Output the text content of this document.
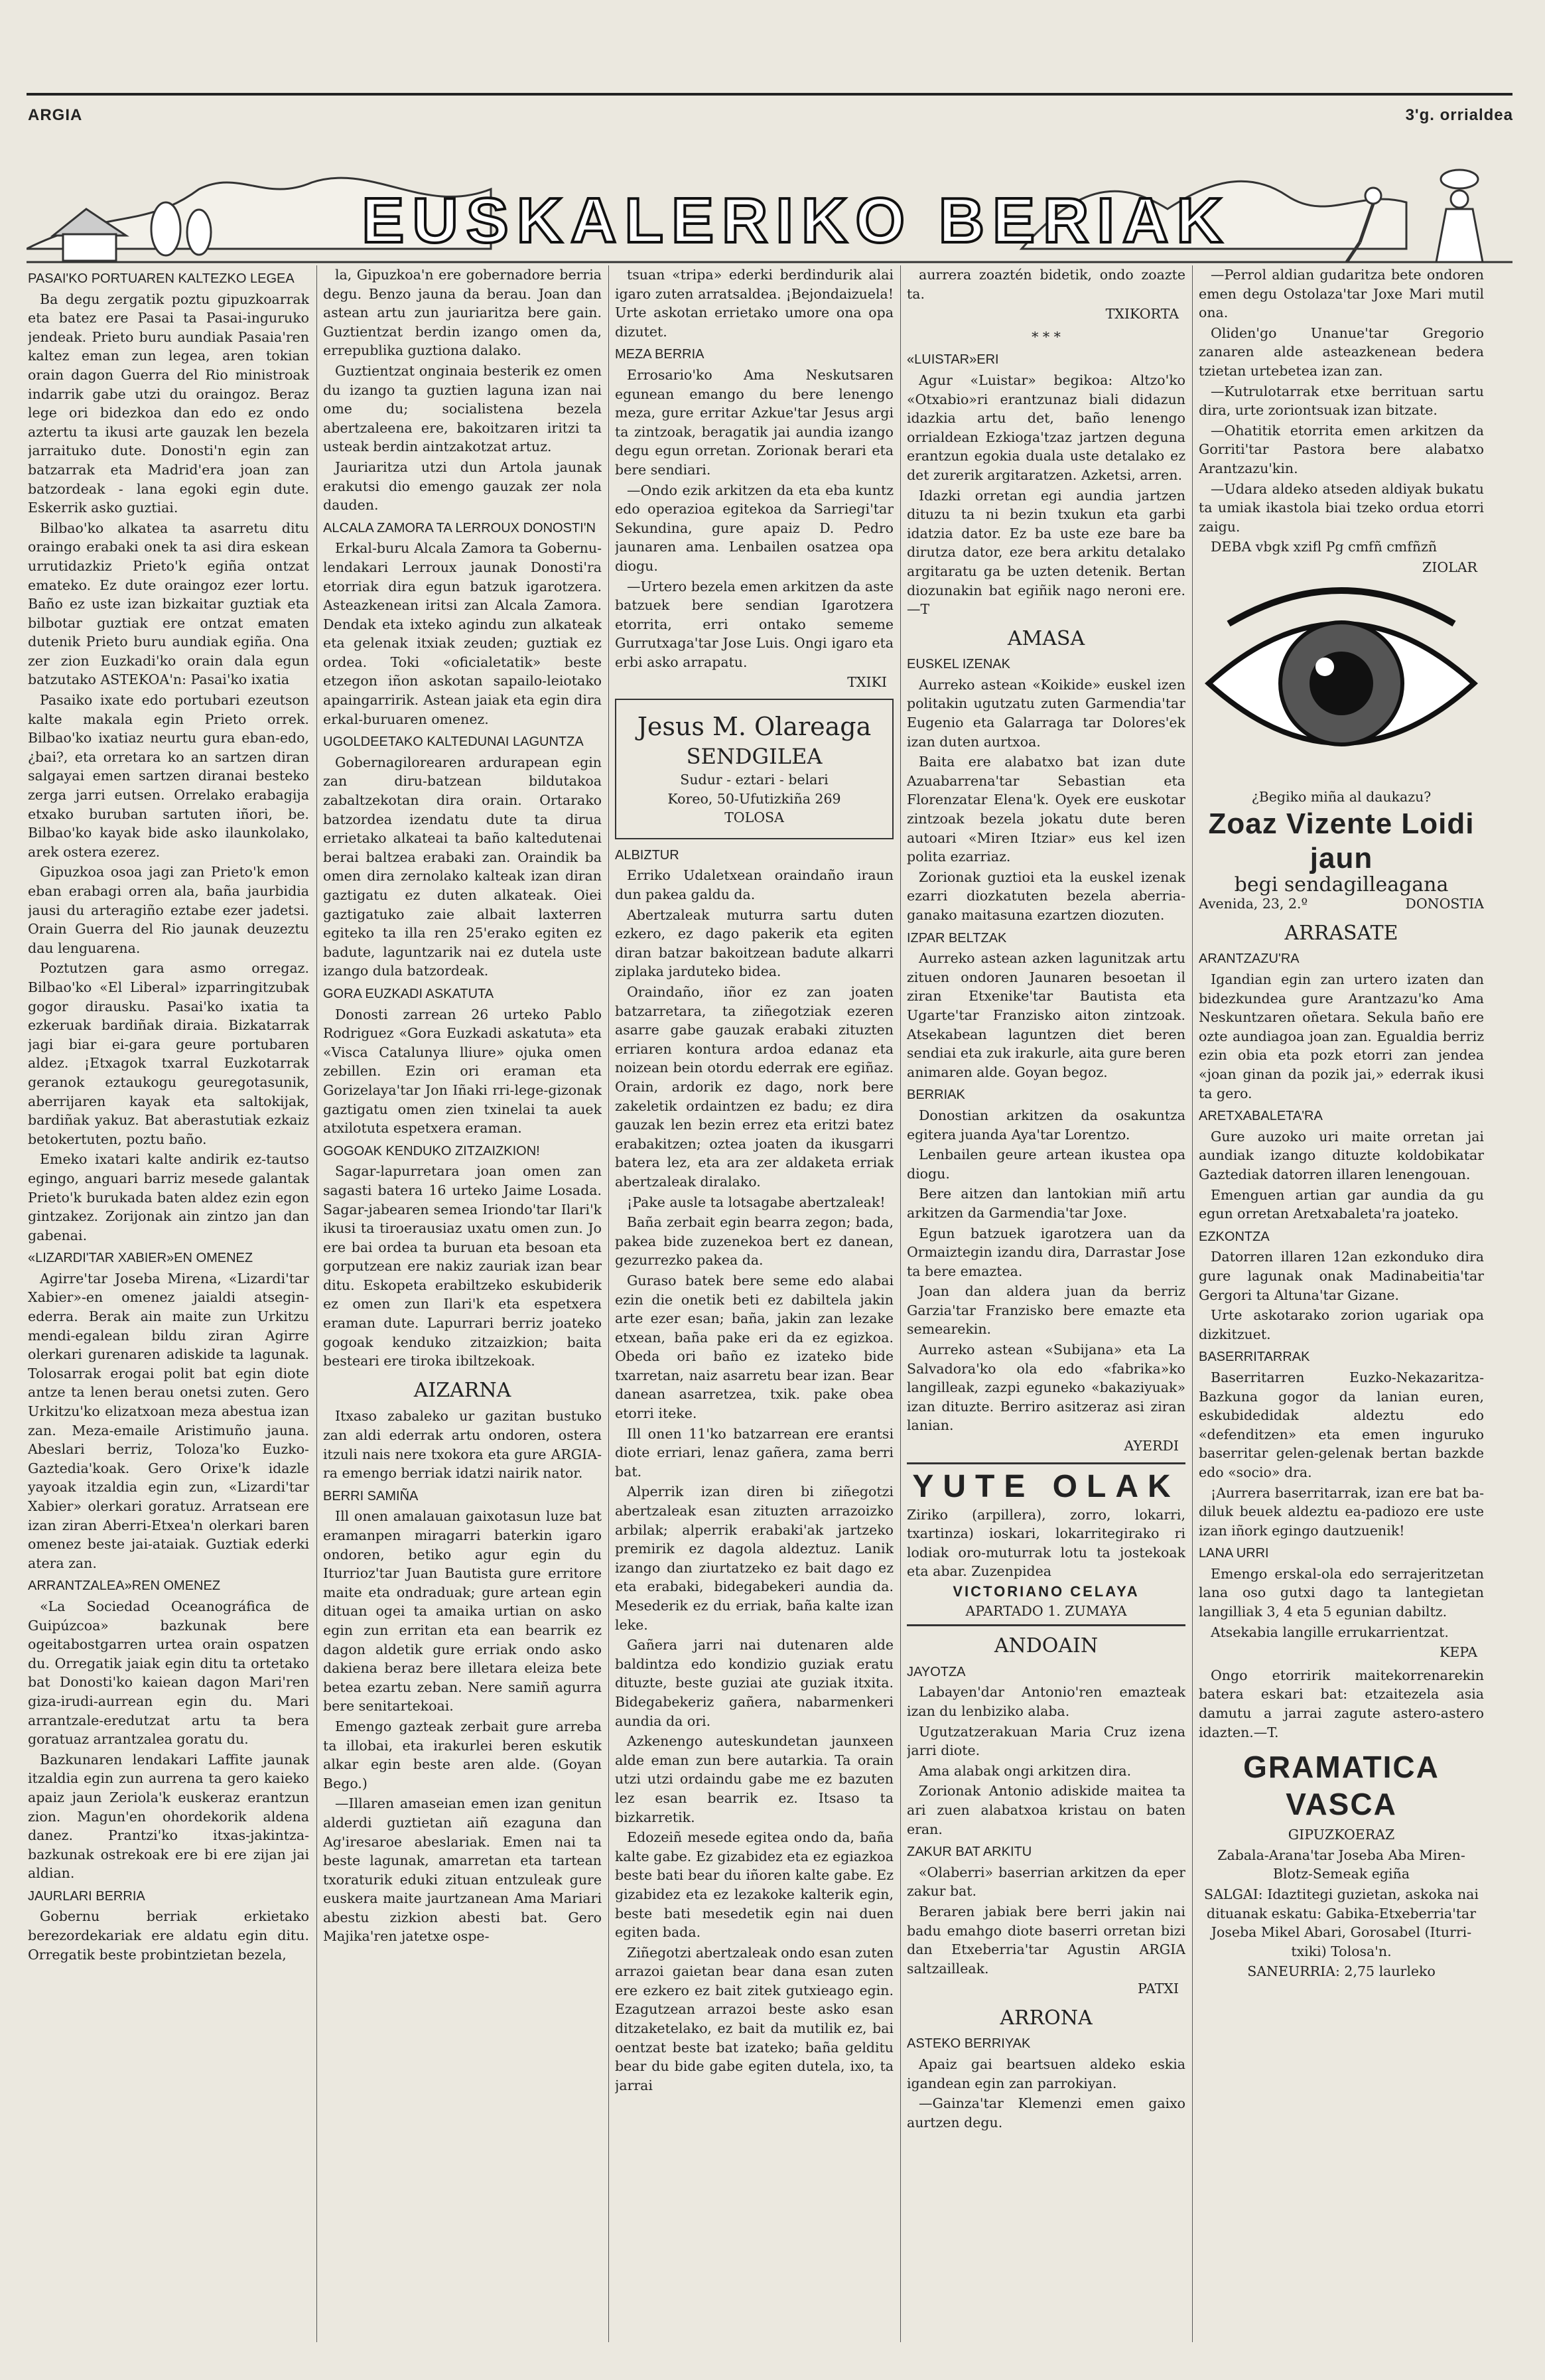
ARGIA	3'g. orrialdea
EUSKALERIKO BERIAK

PASAI'KO PORTUAREN KALTEZKO LEGEA

Ba degu zergatik poztu gipuzkoarrak eta batez ere Pasai ta Pasai-inguruko jendeak. Prieto buru aundiak Pasaia'ren kaltez eman zun legea, aren tokian orain dagon Guerra del Rio ministroak indarrik gabe utzi du oraingoz. Beraz lege ori bidezkoa dan edo ez ondo aztertu ta ikusi arte gauzak len bezela jarraituko dute. Donosti'n egin zan batzarrak eta Madrid'era joan zan batzordeak - lana egoki egin dute. Eskerrik asko guztiai.

Bilbao'ko alkatea ta asarretu ditu oraingo erabaki onek ta asi dira eskean urrutidazkiz Prieto'k egiña ontzat emateko. Ez dute oraingoz ezer lortu. Baño ez uste izan bizkaitar guztiak eta bilbotar guztiak ere ontzat ematen dutenik Prieto buru aundiak egiña. Ona zer zion Euzkadi'ko orain dala egun batzutako ASTEKOA'n: Pasai'ko ixatia

Pasaiko ixate edo portubari ezeutson kalte makala egin Prieto orrek. Bilbao'ko ixatiaz neurtu gura eban-edo, ¿bai?, eta orretara ko an sartzen diran salgayai emen sartzen diranai besteko zerga jarri eutsen. Orrelako erabagija etxako buruban sartuten iñori, be. Bilbao'ko kayak bide asko ilaunkolako, arek ostera ezerez.

Gipuzkoa osoa jagi zan Prieto'k emon eban erabagi orren ala, baña jaurbidia jausi du arteragiño eztabe ezer jadetsi. Orain Guerra del Rio jaunak deuzeztu dau lenguarena.

Poztutzen gara asmo orregaz. Bilbao'ko «El Liberal» izparringitzubak gogor dirausku. Pasai'ko ixatia ta ezkeruak bardiñak diraia. Bizkatarrak jagi biar ei-gara geure portubaren aldez. ¡Etxagok txarral Euzkotarrak geranok eztaukogu geuregotasunik, aberrijaren kayak eta saltokijak, bardiñak yakuz. Bat aberastutiak ezkaiz betokertuten, poztu baño.

Emeko ixatari kalte andirik ez-tautso egingo, anguari barriz mesede galantak Prieto'k burukada baten aldez ezin egon gintzakez. Zorijonak ain zintzo jan dan gabenai.

«LIZARDI'TAR XABIER»EN OMENEZ

Agirre'tar Joseba Mirena, «Lizardi'tar Xabier»-en omenez jaialdi atsegin-ederra. Berak ain maite zun Urkitzu mendi-egalean bildu ziran Agirre olerkari gurenaren adiskide ta lagunak. Tolosarrak erogai polit bat egin diote antze ta lenen berau onetsi zuten. Gero Urkitzu'ko elizatxoan meza abestua izan zan. Meza-emaile Aristimuño jauna. Abeslari berriz, Toloza'ko Euzko-Gaztedia'koak. Gero Orixe'k idazle yayoak itzaldia egin zun, «Lizardi'tar Xabier» olerkari goratuz. Arratsean ere izan ziran Aberri-Etxea'n olerkari baren omenez beste jai-ataiak. Guztiak ederki atera zan.

ARRANTZALEA»REN OMENEZ

«La Sociedad Oceanográfica de Guipúzcoa» bazkunak bere ogeitabostgarren urtea orain ospatzen du. Orregatik jaiak egin ditu ta ortetako bat Donosti'ko kaiean dagon Mari'ren giza-irudi-aurrean egin du. Mari arrantzale-eredutzat artu ta bera goratuaz arrantzalea goratu du.

Bazkunaren lendakari Laffite jaunak itzaldia egin zun aurrena ta gero kaieko apaiz jaun Zeriola'k euskeraz erantzun zion. Magun'en ohordekorik aldena danez. Prantzi'ko itxas-jakintza-bazkunak ostrekoak ere bi ere zijan jai aldian.

JAURLARI BERRIA

Gobernu berriak erkietako berezordekariak ere aldatu egin ditu. Orregatik beste probintzietan bezela,

la, Gipuzkoa'n ere gobernadore berria degu. Benzo jauna da berau. Joan dan astean artu zun jauriaritza bere gain. Guztientzat berdin izango omen da, errepublika guztiona dalako.

Guztientzat onginaia besterik ez omen du izango ta guztien laguna izan nai ome du; socialistena bezela abertzaleena ere, bakoitzaren iritzi ta usteak berdin aintzakotzat artuz.

Jauriaritza utzi dun Artola jaunak erakutsi dio emengo gauzak zer nola dauden.

ALCALA ZAMORA TA LERROUX DONOSTI'N

Erkal-buru Alcala Zamora ta Gobernu-lendakari Lerroux jaunak Donosti'ra etorriak dira egun batzuk igarotzera. Asteazkenean iritsi zan Alcala Zamora. Dendak eta ixteko agindu zun alkateak eta gelenak itxiak zeuden; guztiak ez ordea. Toki «oficialetatik» beste etzegon iñon askotan sapailo-leiotako apaingarririk. Astean jaiak eta egin dira erkal-buruaren omenez.

UGOLDEETAKO KALTEDUNAI LAGUNTZA

Gobernagilorearen ardurapean egin zan diru-batzean bildutakoa zabaltzekotan dira orain. Ortarako batzordea izendatu dute ta dirua errietako alkateai ta baño kaltedutenai berai baltzea erabaki zan. Oraindik ba omen dira zernolako kalteak izan diran gaztigatu ez duten alkateak. Oiei gaztigatuko zaie albait laxterren egiteko ta illa ren 25'erako egiten ez badute, laguntzarik nai ez dutela uste izango dula batzordeak.

GORA EUZKADI ASKATUTA

Donosti zarrean 26 urteko Pablo Rodriguez «Gora Euzkadi askatuta» eta «Visca Catalunya lliure» ojuka omen zebillen. Ezin ori eraman eta Gorizelaya'tar Jon Iñaki rri-lege-gizonak gaztigatu omen zien txinelai ta auek atxilotuta espetxera eraman.

GOGOAK KENDUKO ZITZAIZKION!

Sagar-lapurretara joan omen zan sagasti batera 16 urteko Jaime Losada. Sagar-jabearen semea Iriondo'tar Ilari'k ikusi ta tiroerausiaz uxatu omen zun. Jo ere bai ordea ta buruan eta besoan eta gorputzean ere nakiz zauriak izan bear ditu. Eskopeta erabiltzeko eskubiderik ez omen zun Ilari'k eta espetxera eraman dute. Lapurrari berriz joateko gogoak kenduko zitzaizkion; baita besteari ere tiroka ibiltzekoak.

AIZARNA

Itxaso zabaleko ur gazitan bustuko zan aldi ederrak artu ondoren, ostera itzuli nais nere txokora eta gure ARGIA-ra emengo berriak idatzi nairik nator.

BERRI SAMIÑA

Ill onen amalauan gaixotasun luze bat eramanpen miragarri baterkin igaro ondoren, betiko agur egin du Iturrioz'tar Juan Bautista gure erritore maite eta ondraduak; gure artean egin dituan ogei ta amaika urtian on asko egin zun erritan eta ean bearrik ez dagon aldetik gure erriak ondo asko dakiena beraz bere illetara eleiza bete betea ezartu zeban. Nere samiñ agurra bere senitartekoai.

Emengo gazteak zerbait gure arreba ta illobai, eta irakurlei beren eskutik alkar egin beste aren alde. (Goyan Bego.)

—Illaren amaseian emen izan genitun alderdi guztietan aiñ ezaguna dan Ag'iresaroe abeslariak. Emen nai ta beste lagunak, amarretan eta tartean txoraturik eduki zituan entzuleak gure euskera maite jaurtzanean Ama Mariari abestu zizkion abesti bat. Gero Majika'ren jatetxe ospe-

tsuan «tripa» ederki berdindurik alai igaro zuten arratsaldea. ¡Bejondaizuela! Urte askotan errietako umore ona opa dizutet.

MEZA BERRIA

Errosario'ko Ama Neskutsaren egunean emango du bere lenengo meza, gure erritar Azkue'tar Jesus argi ta zintzoak, beragatik jai aundia izango degu egun orretan. Zorionak berari eta bere sendiari.

—Ondo ezik arkitzen da eta eba kuntz edo operazioa egitekoa da Sarriegi'tar Sekundina, gure apaiz D. Pedro jaunaren ama. Lenbailen osatzea opa diogu.

—Urtero bezela emen arkitzen da aste batzuek bere sendian Igarotzera etorrita, erri ontako sememe Gurrutxaga'tar Jose Luis. Ongi igaro eta erbi asko arrapatu.

TXIKI

Jesus M. Olareaga
SENDGILEA
Sudur - eztari - belari
Koreo, 50-Ufutizkiña 269
TOLOSA

ALBIZTUR

Erriko Udaletxean oraindaño iraun dun pakea galdu da.

Abertzaleak muturra sartu duten ezkero, ez dago pakerik eta egiten diran batzar bakoitzean badute alkarri ziplaka jarduteko bidea.

Oraindaño, iñor ez zan joaten batzarretara, ta ziñegotziak ezeren asarre gabe gauzak erabaki zituzten erriaren kontura ardoa edanaz eta noizean bein otordu ederrak ere egiñaz. Orain, ardorik ez dago, nork bere zakeletik ordaintzen ez badu; ez dira gauzak len bezin errez eta eritzi batez erabakitzen; oztea joaten da ikusgarri batera lez, eta ara zer aldaketa erriak abertzaleak diralako.

¡Pake ausle ta lotsagabe abertzaleak!

Baña zerbait egin bearra zegon; bada, pakea bide zuzenekoa bert ez danean, gezurrezko pakea da.

Guraso batek bere seme edo alabai ezin die onetik beti ez dabiltela jakin arte ezer esan; baña, jakin zan lezake etxean, baña pake eri da ez egizkoa. Obeda ori baño ez izateko bide txarretan, naiz asarretu bear izan. Bear danean asarretzea, txik. pake obea etorri iteke.

Ill onen 11'ko batzarrean ere erantsi diote erriari, lenaz gañera, zama berri bat.

Alperrik izan diren bi ziñegotzi abertzaleak esan zituzten arrazoizko arbilak; alperrik erabaki'ak jartzeko premirik ez dagola aldeztuz. Lanik izango dan ziurtatzeko ez bait dago ez eta erabaki, bidegabekeri aundia da. Mesederik ez du erriak, baña kalte izan leke.

Gañera jarri nai dutenaren alde baldintza edo kondizio guziak eratu dituzte, beste guziai ate guziak itxita. Bidegabekeriz gañera, nabarmenkeri aundia da ori.

Azkenengo auteskundetan jaunxeen alde eman zun bere autarkia. Ta orain utzi utzi ordaindu gabe me ez bazuten lez esan bearrik ez. Itsaso ta bizkarretik.

Edozeiñ mesede egitea ondo da, baña kalte gabe. Ez gizabidez eta ez egiazkoa beste bati bear du iñoren kalte gabe. Ez gizabidez eta ez lezakoke kalterik egin, beste bati mesedetik egin nai duen egiten bada.

Ziñegotzi abertzaleak ondo esan zuten arrazoi gaietan bear dana esan zuten ere ezkero ez bait zitek gutxieago egin. Ezagutzean arrazoi beste asko esan ditzaketelako, ez bait da mutilik ez, bai oentzat beste bat izateko; baña gelditu bear du bide gabe egiten dutela, ixo, ta jarrai

aurrera zoaztén bidetik, ondo zoazte ta.

TXIKORTA

* * *

«LUISTAR»ERI

Agur «Luistar» begikoa: Altzo'ko «Otxabio»ri erantzunaz biali didazun idazkia artu det, baño lenengo orrialdean Ezkioga'tzaz jartzen deguna erantzun egokia duala uste detalako ez det zurerik argitaratzen. Azketsi, arren.

Idazki orretan egi aundia jartzen dituzu ta ni bezin txukun eta garbi idatzia dator. Ez ba uste eze bare ba dirutza dator, eze bera arkitu detalako argitaratu ga be uzten detenik. Bertan diozunakin bat egiñik nago neroni ere.—T

AMASA

EUSKEL IZENAK

Aurreko astean «Koikide» euskel izen politakin ugutzatu zuten Garmendia'tar Eugenio eta Galarraga tar Dolores'ek izan duten aurtxoa.

Baita ere alabatxo bat izan dute Azuabarrena'tar Sebastian eta Florenzatar Elena'k. Oyek ere euskotar zintzoak bezela jokatu dute beren autoari «Miren Itziar» eus kel izen polita ezarriaz.

Zorionak guztioi eta la euskel izenak ezarri diozkatuten bezela aberria-ganako maitasuna ezartzen diozuten.

IZPAR BELTZAK

Aurreko astean azken lagunitzak artu zituen ondoren Jaunaren besoetan il ziran Etxenike'tar Bautista eta Ugarte'tar Franzisko aiton zintzoak. Atsekabean laguntzen diet beren sendiai eta zuk irakurle, aita gure beren animaren alde. Goyan begoz.

BERRIAK

Donostian arkitzen da osakuntza egitera juanda Aya'tar Lorentzo.

Lenbailen geure artean ikustea opa diogu.

Bere aitzen dan lantokian miñ artu arkitzen da Garmendia'tar Joxe.

Egun batzuek igarotzera uan da Ormaiztegin izandu dira, Darrastar Jose ta bere emaztea.

Joan dan aldera juan da berriz Garzia'tar Franzisko bere emazte eta semearekin.

Aurreko astean «Subijana» eta La Salvadora'ko ola edo «fabrika»ko langilleak, zazpi eguneko «bakaziyuak» izan dituzte. Berriro asitzeraz asi ziran lanian.

AYERDI

YUTE OLAK

Ziriko (arpillera), zorro, lokarri, txartinza) ioskari, lokarritegirako ri lodiak oro-muturrak lotu ta jostekoak eta abar. Zuzenpidea

VICTORIANO CELAYA
APARTADO 1. ZUMAYA

ANDOAIN

JAYOTZA

Labayen'dar Antonio'ren emazteak izan du lenbiziko alaba.

Ugutzatzerakuan Maria Cruz izena jarri diote.

Ama alabak ongi arkitzen dira.

Zorionak Antonio adiskide maitea ta ari zuen alabatxoa kristau on baten eran.

ZAKUR BAT ARKITU

«Olaberri» baserrian arkitzen da eper zakur bat.

Beraren jabiak bere berri jakin nai badu emahgo diote baserri orretan bizi dan Etxeberria'tar Agustin ARGIA saltzailleak.

PATXI

ARRONA

ASTEKO BERRIYAK

Apaiz gai beartsuen aldeko eskia igandean egin zan parrokiyan.

—Gainza'tar Klemenzi emen gaixo aurtzen degu.

—Perrol aldian gudaritza bete ondoren emen degu Ostolaza'tar Joxe Mari mutil ona.

Oliden'go Unanue'tar Gregorio zanaren alde asteazkenean bedera tzietan urtebetea izan zan.

—Kutrulotarrak etxe berrituan sartu dira, urte zoriontsuak izan bitzate.

—Ohatitik etorrita emen arkitzen da Gorriti'tar Pastora bere alabatxo Arantzazu'kin.

—Udara aldeko atseden aldiyak bukatu ta umiak ikastola biai tzeko ordua etorri zaigu.

DEBA vbgk xzifl Pg cmfñ cmfñzñ

ZIOLAR

¿Begiko miña al daukazu?
Zoaz Vizente Loidi jaun
begi sendagilleagana
Avenida, 23, 2.º	DONOSTIA

ARRASATE

ARANTZAZU'RA

Igandian egin zan urtero izaten dan bidezkundea gure Arantzazu'ko Ama Neskuntzaren oñetara. Sekula baño ere ozte aundiagoa joan zan. Egualdia berriz ezin obia eta pozk etorri zan jendea «joan ginan da pozik jai,» ederrak ikusi ta gero.

ARETXABALETA'RA

Gure auzoko uri maite orretan jai aundiak izango dituzte koldobikatar Gaztediak datorren illaren lenengouan.

Emenguen artian gar aundia da gu egun orretan Aretxabaleta'ra joateko.

EZKONTZA

Datorren illaren 12an ezkonduko dira gure lagunak onak Madinabeitia'tar Gergori ta Altuna'tar Gizane.

Urte askotarako zorion ugariak opa dizkitzuet.

BASERRITARRAK

Baserritarren Euzko-Nekazaritza-Bazkuna gogor da lanian euren, eskubidedidak aldeztu edo «defenditzen» eta emen inguruko baserritar gelen-gelenak bertan bazkde edo «socio» dra.

¡Aurrera baserritarrak, izan ere bat ba-diluk beuek aldeztu ea-padiozo ere uste izan iñork egingo dautzuenik!

LANA URRI

Emengo erskal-ola edo serrajeritzetan lana oso gutxi dago ta lantegietan langilliak 3, 4 eta 5 egunian dabiltz.

Atsekabia langille errukarrientzat.

KEPA

Ongo etorririk maitekorrenarekin batera eskari bat: etzaitezela asia damutu a jarrai zagute astero-astero idazten.—T.

GRAMATICA VASCA

GIPUZKOERAZ

Zabala-Arana'tar Joseba Aba Miren-Blotz-Semeak egiña

SALGAI: Idaztitegi guzietan, askoka nai dituanak eskatu: Gabika-Etxeberria'tar Joseba Mikel Abari, Gorosabel (Iturri-txiki) Tolosa'n.

SANEURRIA: 2,75 laurleko
